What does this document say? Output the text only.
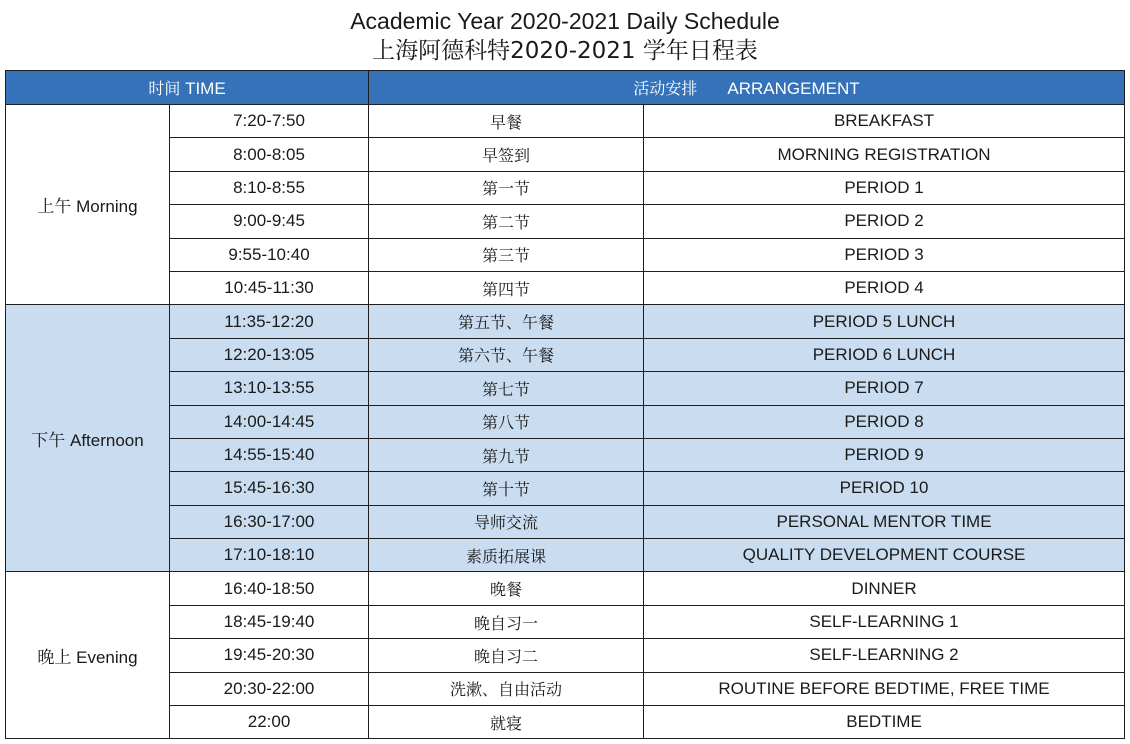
Academic Year 2020-2021 Daily Schedule
上海阿德科特2020-2021 学年日程表
时间 TIME		活动安排 ARRANGEMENT	
上午 Morning	7:20-7:50	早餐	BREAKFAST
	8:00-8:05	早签到	MORNING REGISTRATION
	8:10-8:55	第一节	PERIOD 1
	9:00-9:45	第二节	PERIOD 2
	9:55-10:40	第三节	PERIOD 3
	10:45-11:30	第四节	PERIOD 4
下午 Afternoon	11:35-12:20	第五节、午餐	PERIOD 5 LUNCH
	12:20-13:05	第六节、午餐	PERIOD 6 LUNCH
	13:10-13:55	第七节	PERIOD 7
	14:00-14:45	第八节	PERIOD 8
	14:55-15:40	第九节	PERIOD 9
	15:45-16:30	第十节	PERIOD 10
	16:30-17:00	导师交流	PERSONAL MENTOR TIME
	17:10-18:10	素质拓展课	QUALITY DEVELOPMENT COURSE
晚上 Evening	16:40-18:50	晚餐	DINNER
	18:45-19:40	晚自习一	SELF-LEARNING 1
	19:45-20:30	晚自习二	SELF-LEARNING 2
	20:30-22:00	洗漱、自由活动	ROUTINE BEFORE BEDTIME, FREE TIME
	22:00	就寝	BEDTIME
